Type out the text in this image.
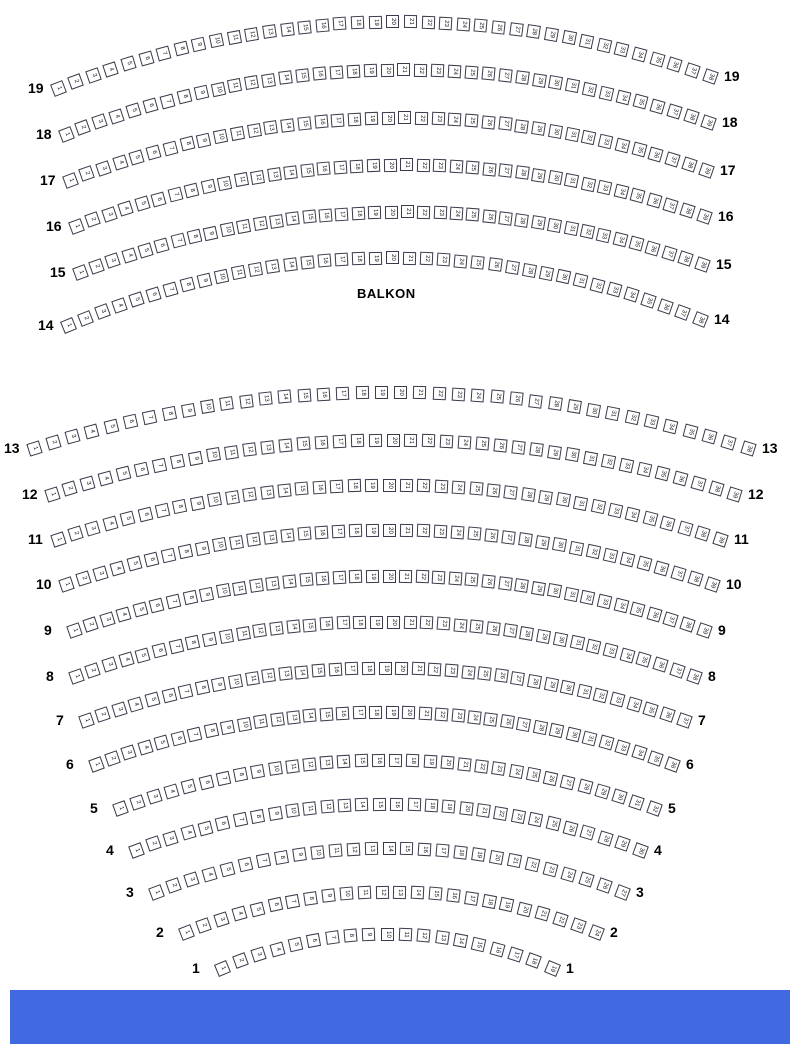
1
2
3
4
5
6
7
8
9	10	11	12	13	14	15	16	17	18	19	20	21	22	23	24	25	26	27	28	29	30	31	32
33
34
35
36
37
38
19
19
1
2
3
4
5
6
7
8
9	10	11	12	13	14	15	16	17	18	19	20	21	22	23	24	25	26	27	28	29	30	31	32	33
34
35
36
37
38
39
18
18
1
2
3
4
5
6
7
8
9	10	11	12	13	14	15	16	17	18	19	20	21	22	23	24	25	26	27	28	29	30	31	32	33
34
35
36
37
38
39
17
17
1
2
3
4
5
6
7
8
9	10	11	12	13	14	15	16	17	18	19	20	21	22	23	24	25	26	27	28	29	30	31	32	33	34
35
36
37
38
39
16
16
1
2
3
4
5
6
7
8
9	10	11	12	13	14	15	16	17	18	19	20	21	22	23	24	25	26	27	28	29	30	31	32	33
34
35
36
37
38
39
15	15
1
2
3
4
5
6
7
8
9	10	11	12	13	14	15	16	17	18	19	20	21	22	23	24	25	26	27	28	29	30
31
32
33
34
35
36
37
38
14	14
1
2
3
4
5
6
7
8
9	10	11	12	13	14	15	16	17	18	19	20	21	22	23	24	25	26	27	28	29	30	31
32
33
34
35
36
37
38
13	13
1
2
3
4
5
6
7
8
9	10	11	12	13	14	15	16	17	18	19	20	21	22	23	24	25	26	27	28	29	30	31	32	33
34
35
36
37
38
39
12	12
1
2
3
4
5
6
7
8
9	10	11	12	13	14	15	16	17	18	19	20	21	22	23	24	25	26	27	28	29	30	31	32	33
34
35
36
37
38
39
11	11
1
2
3
4
5
6
7
8
9	10	11	12	13	14	15	16	17	18	19	20	21	22	23	24	25	26	27	28	29	30	31	32	33
34
35
36
37
38
39
10	10
1
2
3
4
5
6
7
8
9	10	11	12	13	14	15	16	17	18	19	20	21	22	23	24	25	26	27	28	29	30	31	32	33
34
35
36
37
38
39
9	9
1
2
3
4
5
6
7
8
9	10	11	12	13	14	15	16	17	18	19	20	21	22	23	24	25	26	27	28	29	30	31	32
33
34
35
36
37
38
8	8
1
2
3
4
5
6
7
8
9	10	11	12	13	14	15	16	17	18	19	20	21	22	23	24	25	26	27	28	29	30	31
32
33
34
35
36
37
7	7
1
2
3
4
5
6
7
8
9	10	11	12	13	14	15	16	17	18	19	20	21	22	23	24	25	26	27	28	29	30
31
32
33
34
35
36
6	6
1
2
3
4
5
6
7
8
9	10	11	12	13	14	15	16	17	18	19	20	21	22	23	24	25	26
27
28
29
30
31
32
5	5
1
2
3
4
5
6
7
8
9	10	11	12	13	14	15	16	17	18	19	20	21	22	23	24	25
26
27
28
29
30
4	4
1
2
3
4
5
6
7
8
9	10	11	12	13	14	15	16	17	18	19	20	21	22
23
24
25
26
27
3	3
1
2
3
4
5
6
7
8
9	10	11	12	13	14	15	16	17	18	19
20
21
22
23
24
2	2
1
2
3
4
5
6
7
8	9	10	11	12	13	14	15
16
17
18
19
1	1
BALKON
